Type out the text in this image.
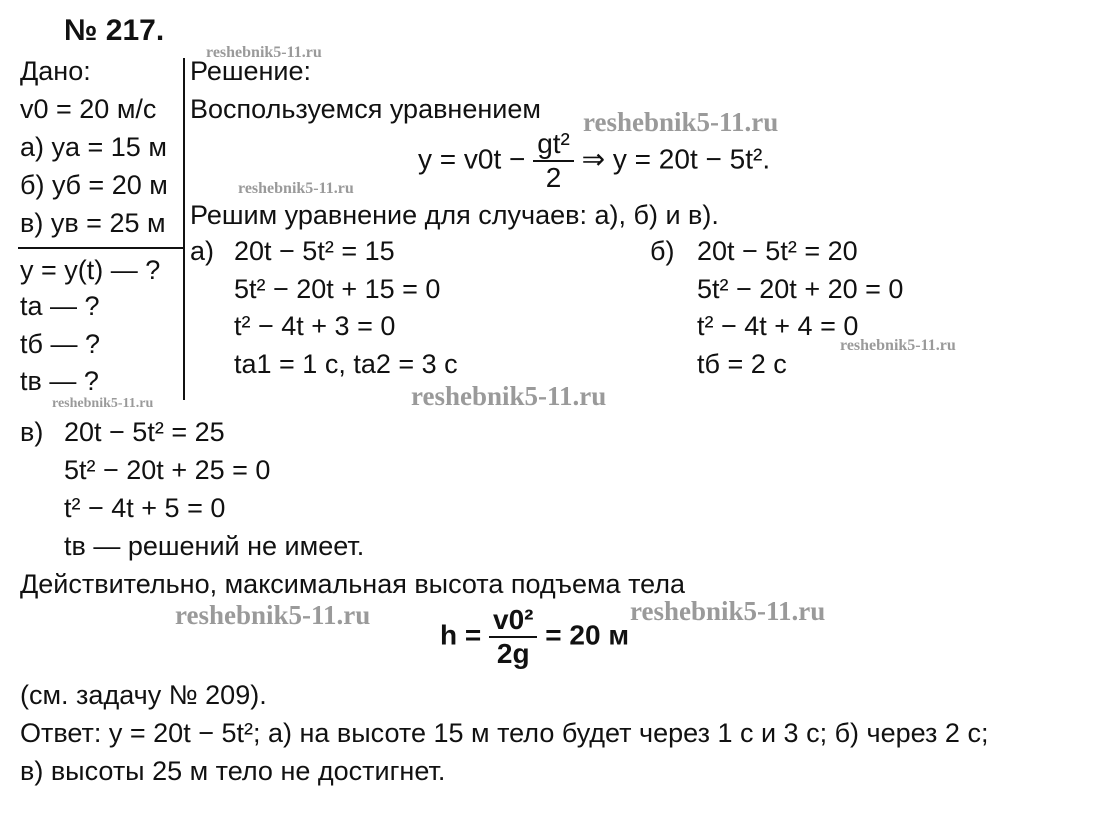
№ 217.
reshebnik5-11.ru
reshebnik5-11.ru
reshebnik5-11.ru
reshebnik5-11.ru
reshebnik5-11.ru
reshebnik5-11.ru
reshebnik5-11.ru	reshebnik5-11.ru
Дано:
v0 = 20 м/с
а) yа = 15 м
б) yб = 20 м
в) yв = 25 м
y = y(t) — ?
tа — ?
tб — ?
tв — ?
Решение:
Воспользуемся уравнением
$y = v0t - \frac{\text{gt²}}{2}$ ⇒ y = 20t − 5t².
Решим уравнение для случаев: а), б) и в).
а) 20t − 5t² = 15
5t² − 20t + 15 = 0
t² − 4t + 3 = 0
tа1 = 1 с, tа2 = 3 с
б) 20t − 5t² = 20
5t² − 20t + 20 = 0
t² − 4t + 4 = 0
tб = 2 с
в) 20t − 5t² = 25
5t² − 20t + 25 = 0
t² − 4t + 5 = 0
tв — решений не имеет.
Действительно, максимальная высота подъема тела
$h = \frac{\text{v0²}}{2g} = 20$ м
(см. задачу № 209).
Ответ: y = 20t − 5t²; а) на высоте 15 м тело будет через 1 с и 3 с; б) через 2 с;
в) высоты 25 м тело не достигнет.
